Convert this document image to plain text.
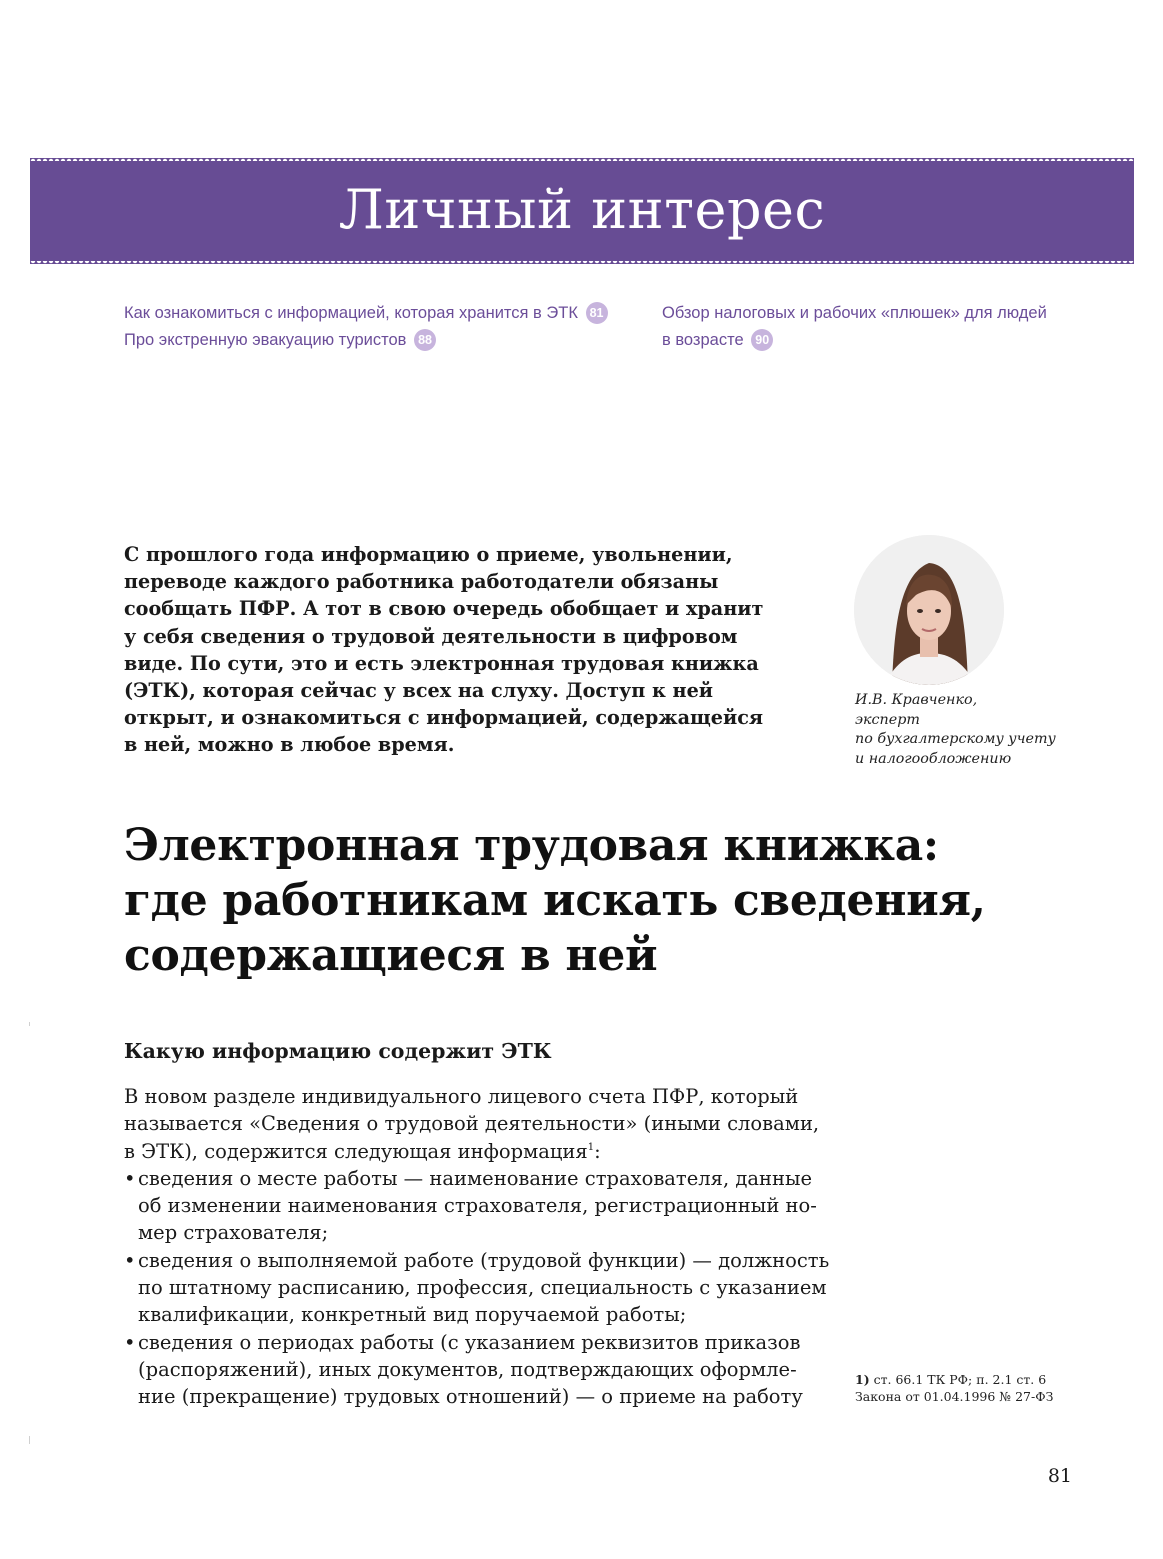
Личный интерес
Как ознакомиться с информацией, которая хранится в ЭТК 81
Про экстренную эвакуацию туристов 88
Обзор налоговых и рабочих «плюшек» для людей
в возрасте 90
С прошлого года информацию о приеме, увольнении,
переводе каждого работника работодатели обязаны
сообщать ПФР. А тот в свою очередь обобщает и хранит
у себя сведения о трудовой деятельности в цифровом
виде. По сути, это и есть электронная трудовая книжка
(ЭТК), которая сейчас у всех на слуху. Доступ к ней
открыт, и ознакомиться с информацией, содержащейся
в ней, можно в любое время.
И.В. Кравченко,
эксперт
по бухгалтерскому учету
и налогообложению
Электронная трудовая книжка:
где работникам искать сведения,
содержащиеся в ней
Какую информацию содержит ЭТК
В новом разделе индивидуального лицевого счета ПФР, который
называется «Сведения о трудовой деятельности» (иными словами,
в ЭТК), содержится следующая информация$^1$:
• сведения о месте работы — наименование страхователя, данные
об изменении наименования страхователя, регистрационный но-
мер страхователя;
• сведения о выполняемой работе (трудовой функции) — должность
по штатному расписанию, профессия, специальность с указанием
квалификации, конкретный вид поручаемой работы;
• сведения о периодах работы (с указанием реквизитов приказов
(распоряжений), иных документов, подтверждающих оформле-
ние (прекращение) трудовых отношений) — о приеме на работу
1) ст. 66.1 ТК РФ; п. 2.1 ст. 6
Закона от 01.04.1996 № 27-ФЗ
81
